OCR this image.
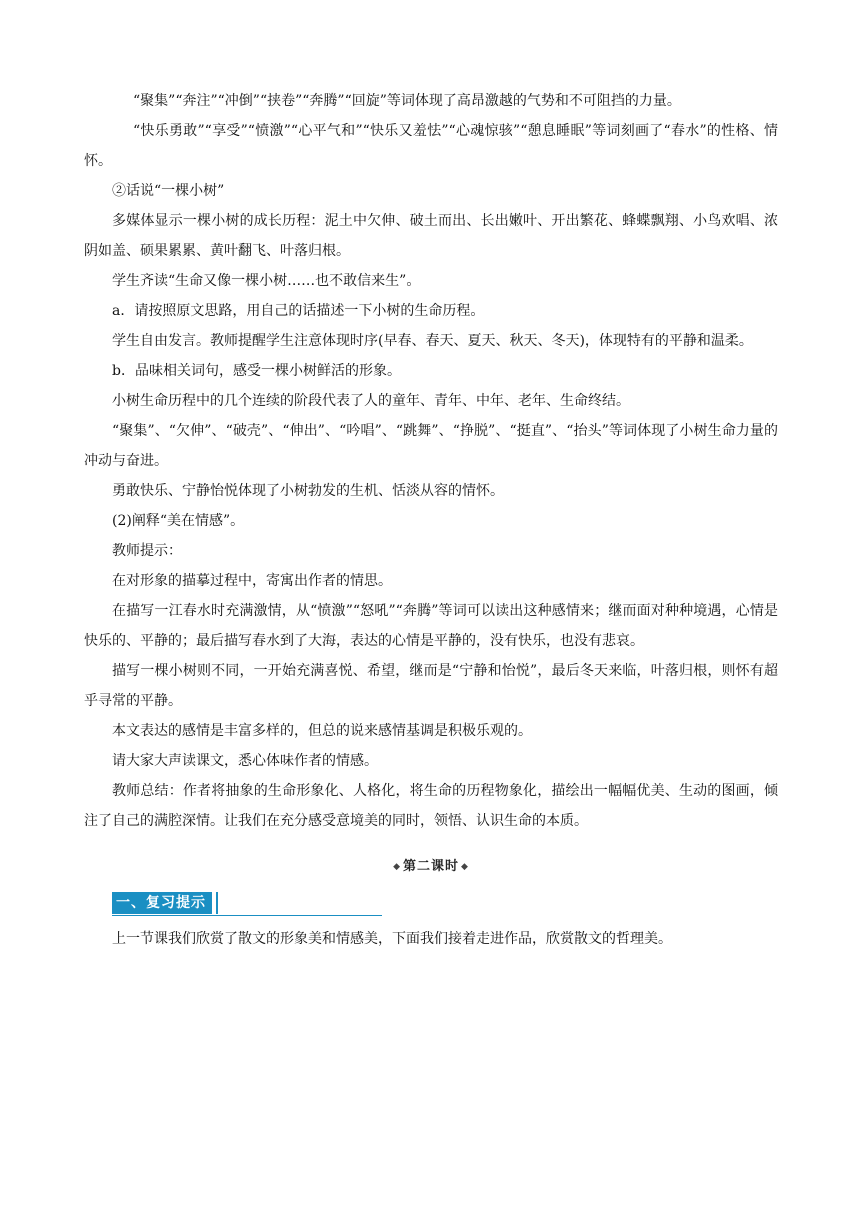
“聚集”“奔注”“冲倒”“挟卷”“奔腾”“回旋”等词体现了高昂激越的气势和不可阻挡的力量。

“快乐勇敢”“享受”“愤激”“心平气和”“快乐又羞怯”“心魂惊骇”“憩息睡眠”等词刻画了“春水”的性格、情怀。

②话说“一棵小树”

多媒体显示一棵小树的成长历程：泥土中欠伸、破土而出、长出嫩叶、开出繁花、蜂蝶飘翔、小鸟欢唱、浓阴如盖、硕果累累、黄叶翻飞、叶落归根。

学生齐读“生命又像一棵小树……也不敢信来生”。

a．请按照原文思路，用自己的话描述一下小树的生命历程。

学生自由发言。教师提醒学生注意体现时序(早春、春天、夏天、秋天、冬天)，体现特有的平静和温柔。

b．品味相关词句，感受一棵小树鲜活的形象。

小树生命历程中的几个连续的阶段代表了人的童年、青年、中年、老年、生命终结。

“聚集”、“欠伸”、“破壳”、“伸出”、“吟唱”、“跳舞”、“挣脱”、“挺直”、“抬头”等词体现了小树生命力量的冲动与奋进。

勇敢快乐、宁静怡悦体现了小树勃发的生机、恬淡从容的情怀。

(2)阐释“美在情感”。

教师提示：

在对形象的描摹过程中，寄寓出作者的情思。

在描写一江春水时充满激情，从“愤激”“怒吼”“奔腾”等词可以读出这种感情来；继而面对种种境遇，心情是快乐的、平静的；最后描写春水到了大海，表达的心情是平静的，没有快乐，也没有悲哀。

描写一棵小树则不同，一开始充满喜悦、希望，继而是“宁静和怡悦”，最后冬天来临，叶落归根，则怀有超乎寻常的平静。

本文表达的感情是丰富多样的，但总的说来感情基调是积极乐观的。

请大家大声读课文，悉心体味作者的情感。

教师总结：作者将抽象的生命形象化、人格化，将生命的历程物象化，描绘出一幅幅优美、生动的图画，倾注了自己的满腔深情。让我们在充分感受意境美的同时，领悟、认识生命的本质。

◆ 第二课时 ◆
一、复习提示

上一节课我们欣赏了散文的形象美和情感美，下面我们接着走进作品，欣赏散文的哲理美。
